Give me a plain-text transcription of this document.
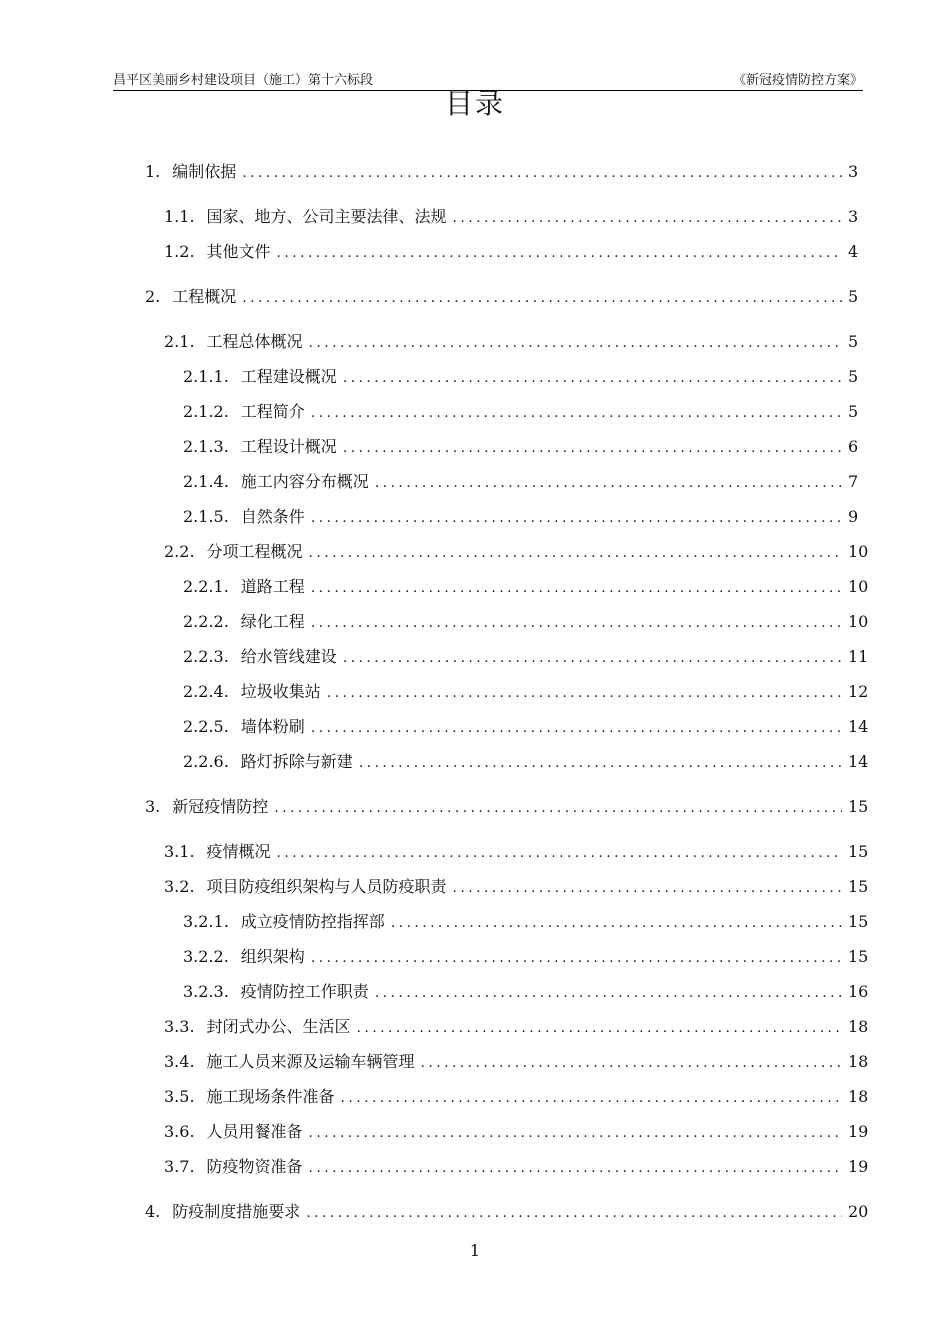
昌平区美丽乡村建设项目（施工）第十六标段	《新冠疫情防控方案》
目录
1. 编制依据 .....	3
1.1. 国家、地方、公司主要法律、法规 .....	3
1.2. 其他文件 .....	4
2. 工程概况 .....	5
2.1. 工程总体概况 .....	5
2.1.1. 工程建设概况 .....	5
2.1.2. 工程简介 .....	5
2.1.3. 工程设计概况 .....	6
2.1.4. 施工内容分布概况 .....	7
2.1.5. 自然条件 .....	9
2.2. 分项工程概况 .....	10
2.2.1. 道路工程 .....	10
2.2.2. 绿化工程 .....	10
2.2.3. 给水管线建设 .....	11
2.2.4. 垃圾收集站 .....	12
2.2.5. 墙体粉刷 .....	14
2.2.6. 路灯拆除与新建 .....	14
3. 新冠疫情防控 .....	15
3.1. 疫情概况 .....	15
3.2. 项目防疫组织架构与人员防疫职责 .....	15
3.2.1. 成立疫情防控指挥部 .....	15
3.2.2. 组织架构 .....	15
3.2.3. 疫情防控工作职责 .....	16
3.3. 封闭式办公、生活区 .....	18
3.4. 施工人员来源及运输车辆管理 .....	18
3.5. 施工现场条件准备 .....	18
3.6. 人员用餐准备 .....	19
3.7. 防疫物资准备 .....	19
4. 防疫制度措施要求 .....	20
1
